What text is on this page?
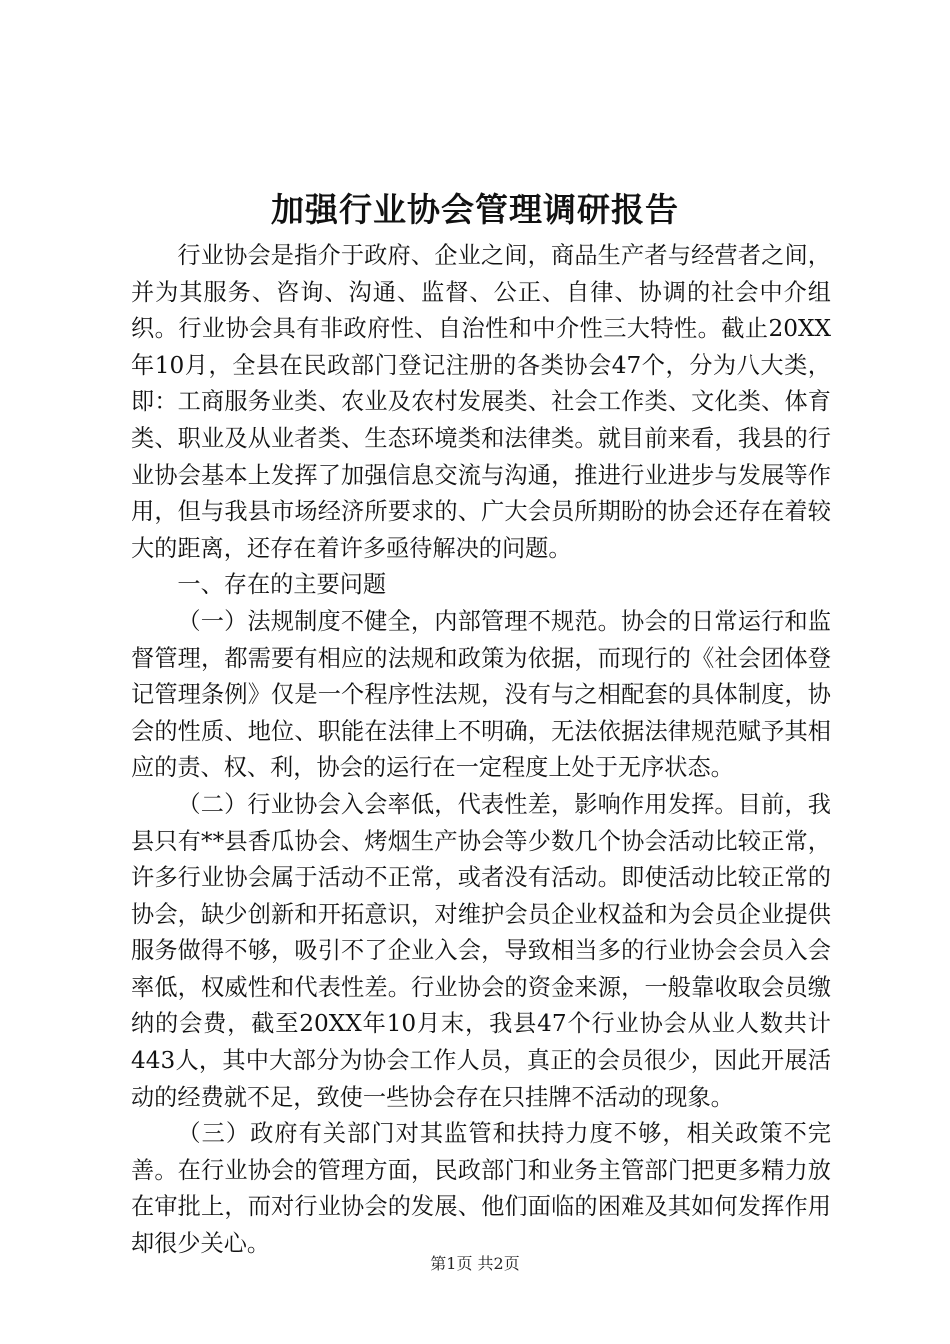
加强行业协会管理调研报告

行业协会是指介于政府、企业之间，商品生产者与经营者之间，并为其服务、咨询、沟通、监督、公正、自律、协调的社会中介组织。行业协会具有非政府性、自治性和中介性三大特性。截止20XX年10月，全县在民政部门登记注册的各类协会47个，分为八大类，即：工商服务业类、农业及农村发展类、社会工作类、文化类、体育类、职业及从业者类、生态环境类和法律类。就目前来看，我县的行业协会基本上发挥了加强信息交流与沟通，推进行业进步与发展等作用，但与我县市场经济所要求的、广大会员所期盼的协会还存在着较大的距离，还存在着许多亟待解决的问题。

一、存在的主要问题

（一）法规制度不健全，内部管理不规范。协会的日常运行和监督管理，都需要有相应的法规和政策为依据，而现行的《社会团体登记管理条例》仅是一个程序性法规，没有与之相配套的具体制度，协会的性质、地位、职能在法律上不明确，无法依据法律规范赋予其相应的责、权、利，协会的运行在一定程度上处于无序状态。

（二）行业协会入会率低，代表性差，影响作用发挥。目前，我县只有**县香瓜协会、烤烟生产协会等少数几个协会活动比较正常，许多行业协会属于活动不正常，或者没有活动。即使活动比较正常的协会，缺少创新和开拓意识，对维护会员企业权益和为会员企业提供服务做得不够，吸引不了企业入会，导致相当多的行业协会会员入会率低，权威性和代表性差。行业协会的资金来源，一般靠收取会员缴纳的会费，截至20XX年10月末，我县47个行业协会从业人数共计443人，其中大部分为协会工作人员，真正的会员很少，因此开展活动的经费就不足，致使一些协会存在只挂牌不活动的现象。

（三）政府有关部门对其监管和扶持力度不够，相关政策不完善。在行业协会的管理方面，民政部门和业务主管部门把更多精力放在审批上，而对行业协会的发展、他们面临的困难及其如何发挥作用却很少关心。

第1页 共2页
